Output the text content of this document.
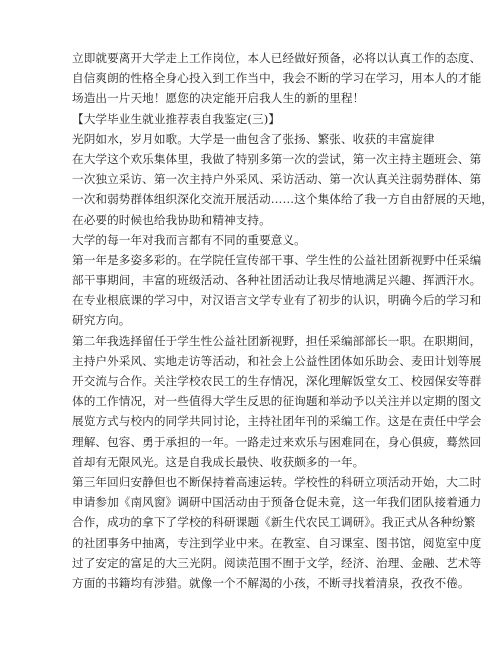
立即就要离开大学走上工作岗位，本人已经做好预备，必将以认真工作的态度、
自信爽朗的性格全身心投入到工作当中，我会不断的学习在学习，用本人的才能
场造出一片天地！愿您的决定能开启我人生的新的里程！
【大学毕业生就业推荐表自我鉴定(三)】
光阴如水，岁月如歌。大学是一曲包含了张扬、繁张、收获的丰富旋律
在大学这个欢乐集体里，我做了特别多第一次的尝试，第一次主持主题班会、第
一次独立采访、第一次主持户外采风、采访活动、第一次认真关注弱势群体、第
一次和弱势群体组织深化交流开展活动……这个集体给了我一方自由舒展的天地，
在必要的时候也给我协助和精神支持。
大学的每一年对我而言都有不同的重要意义。
第一年是多姿多彩的。在学院任宣传部干事、学生性的公益社团新视野中任采编
部干事期间，丰富的班级活动、各种社团活动让我尽情地满足兴趣、挥洒汗水。
在专业根底课的学习中，对汉语言文学专业有了初步的认识，明确今后的学习和
研究方向。
第二年我选择留任于学生性公益社团新视野，担任采编部部长一职。在职期间，
主持户外采风、实地走访等活动，和社会上公益性团体如乐助会、麦田计划等展
开交流与合作。关注学校农民工的生存情况，深化理解饭堂女工、校园保安等群
体的工作情况，对一些值得大学生反思的征询题和举动予以关注并以定期的图文
展览方式与校内的同学共同讨论，主持社团年刊的采编工作。这是在责任中学会
理解、包容、勇于承担的一年。一路走过来欢乐与困难同在，身心俱疲，蓦然回
首却有无限风光。这是自我成长最快、收获颇多的一年。
第三年回归安静但也不断保持着高速运转。学校性的科研立项活动开始，大二时
申请参加《南风窗》调研中国活动由于预备仓促未竟，这一年我们团队接着通力
合作，成功的拿下了学校的科研课题《新生代农民工调研》。我正式从各种纷繁
的社团事务中抽离，专注到学业中来。在教室、自习课室、图书馆，阅览室中度
过了安定的富足的大三光阴。阅读范围不囿于文学，经济、治理、金融、艺术等
方面的书籍均有涉猎。就像一个不解渴的小孩，不断寻找着清泉，孜孜不倦。
